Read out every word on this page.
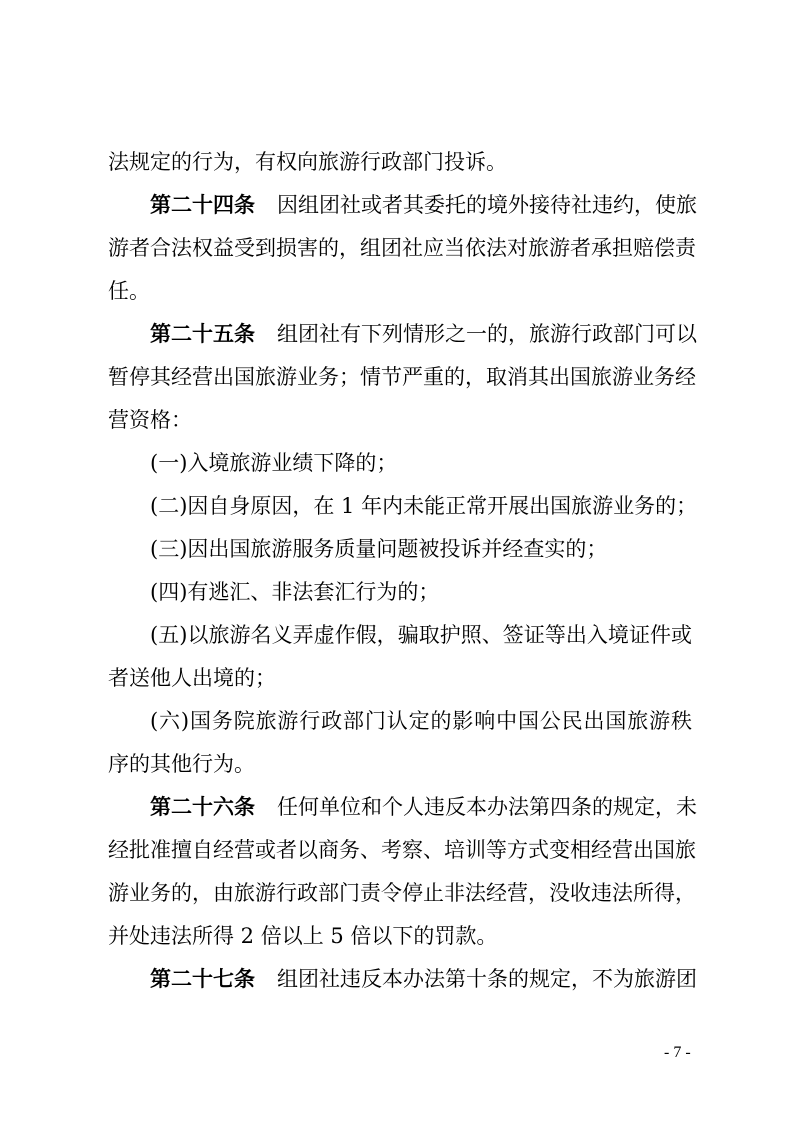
法规定的行为，有权向旅游行政部门投诉。
第二十四条 因组团社或者其委托的境外接待社违约，使旅
游者合法权益受到损害的，组团社应当依法对旅游者承担赔偿责
任。
第二十五条 组团社有下列情形之一的，旅游行政部门可以
暂停其经营出国旅游业务；情节严重的，取消其出国旅游业务经
营资格：
(一)入境旅游业绩下降的；
(二)因自身原因，在 1 年内未能正常开展出国旅游业务的；
(三)因出国旅游服务质量问题被投诉并经查实的；
(四)有逃汇、非法套汇行为的；
(五)以旅游名义弄虚作假，骗取护照、签证等出入境证件或
者送他人出境的；
(六)国务院旅游行政部门认定的影响中国公民出国旅游秩
序的其他行为。
第二十六条 任何单位和个人违反本办法第四条的规定，未
经批准擅自经营或者以商务、考察、培训等方式变相经营出国旅
游业务的，由旅游行政部门责令停止非法经营，没收违法所得，
并处违法所得 2 倍以上 5 倍以下的罚款。
第二十七条 组团社违反本办法第十条的规定，不为旅游团
- 7 -
